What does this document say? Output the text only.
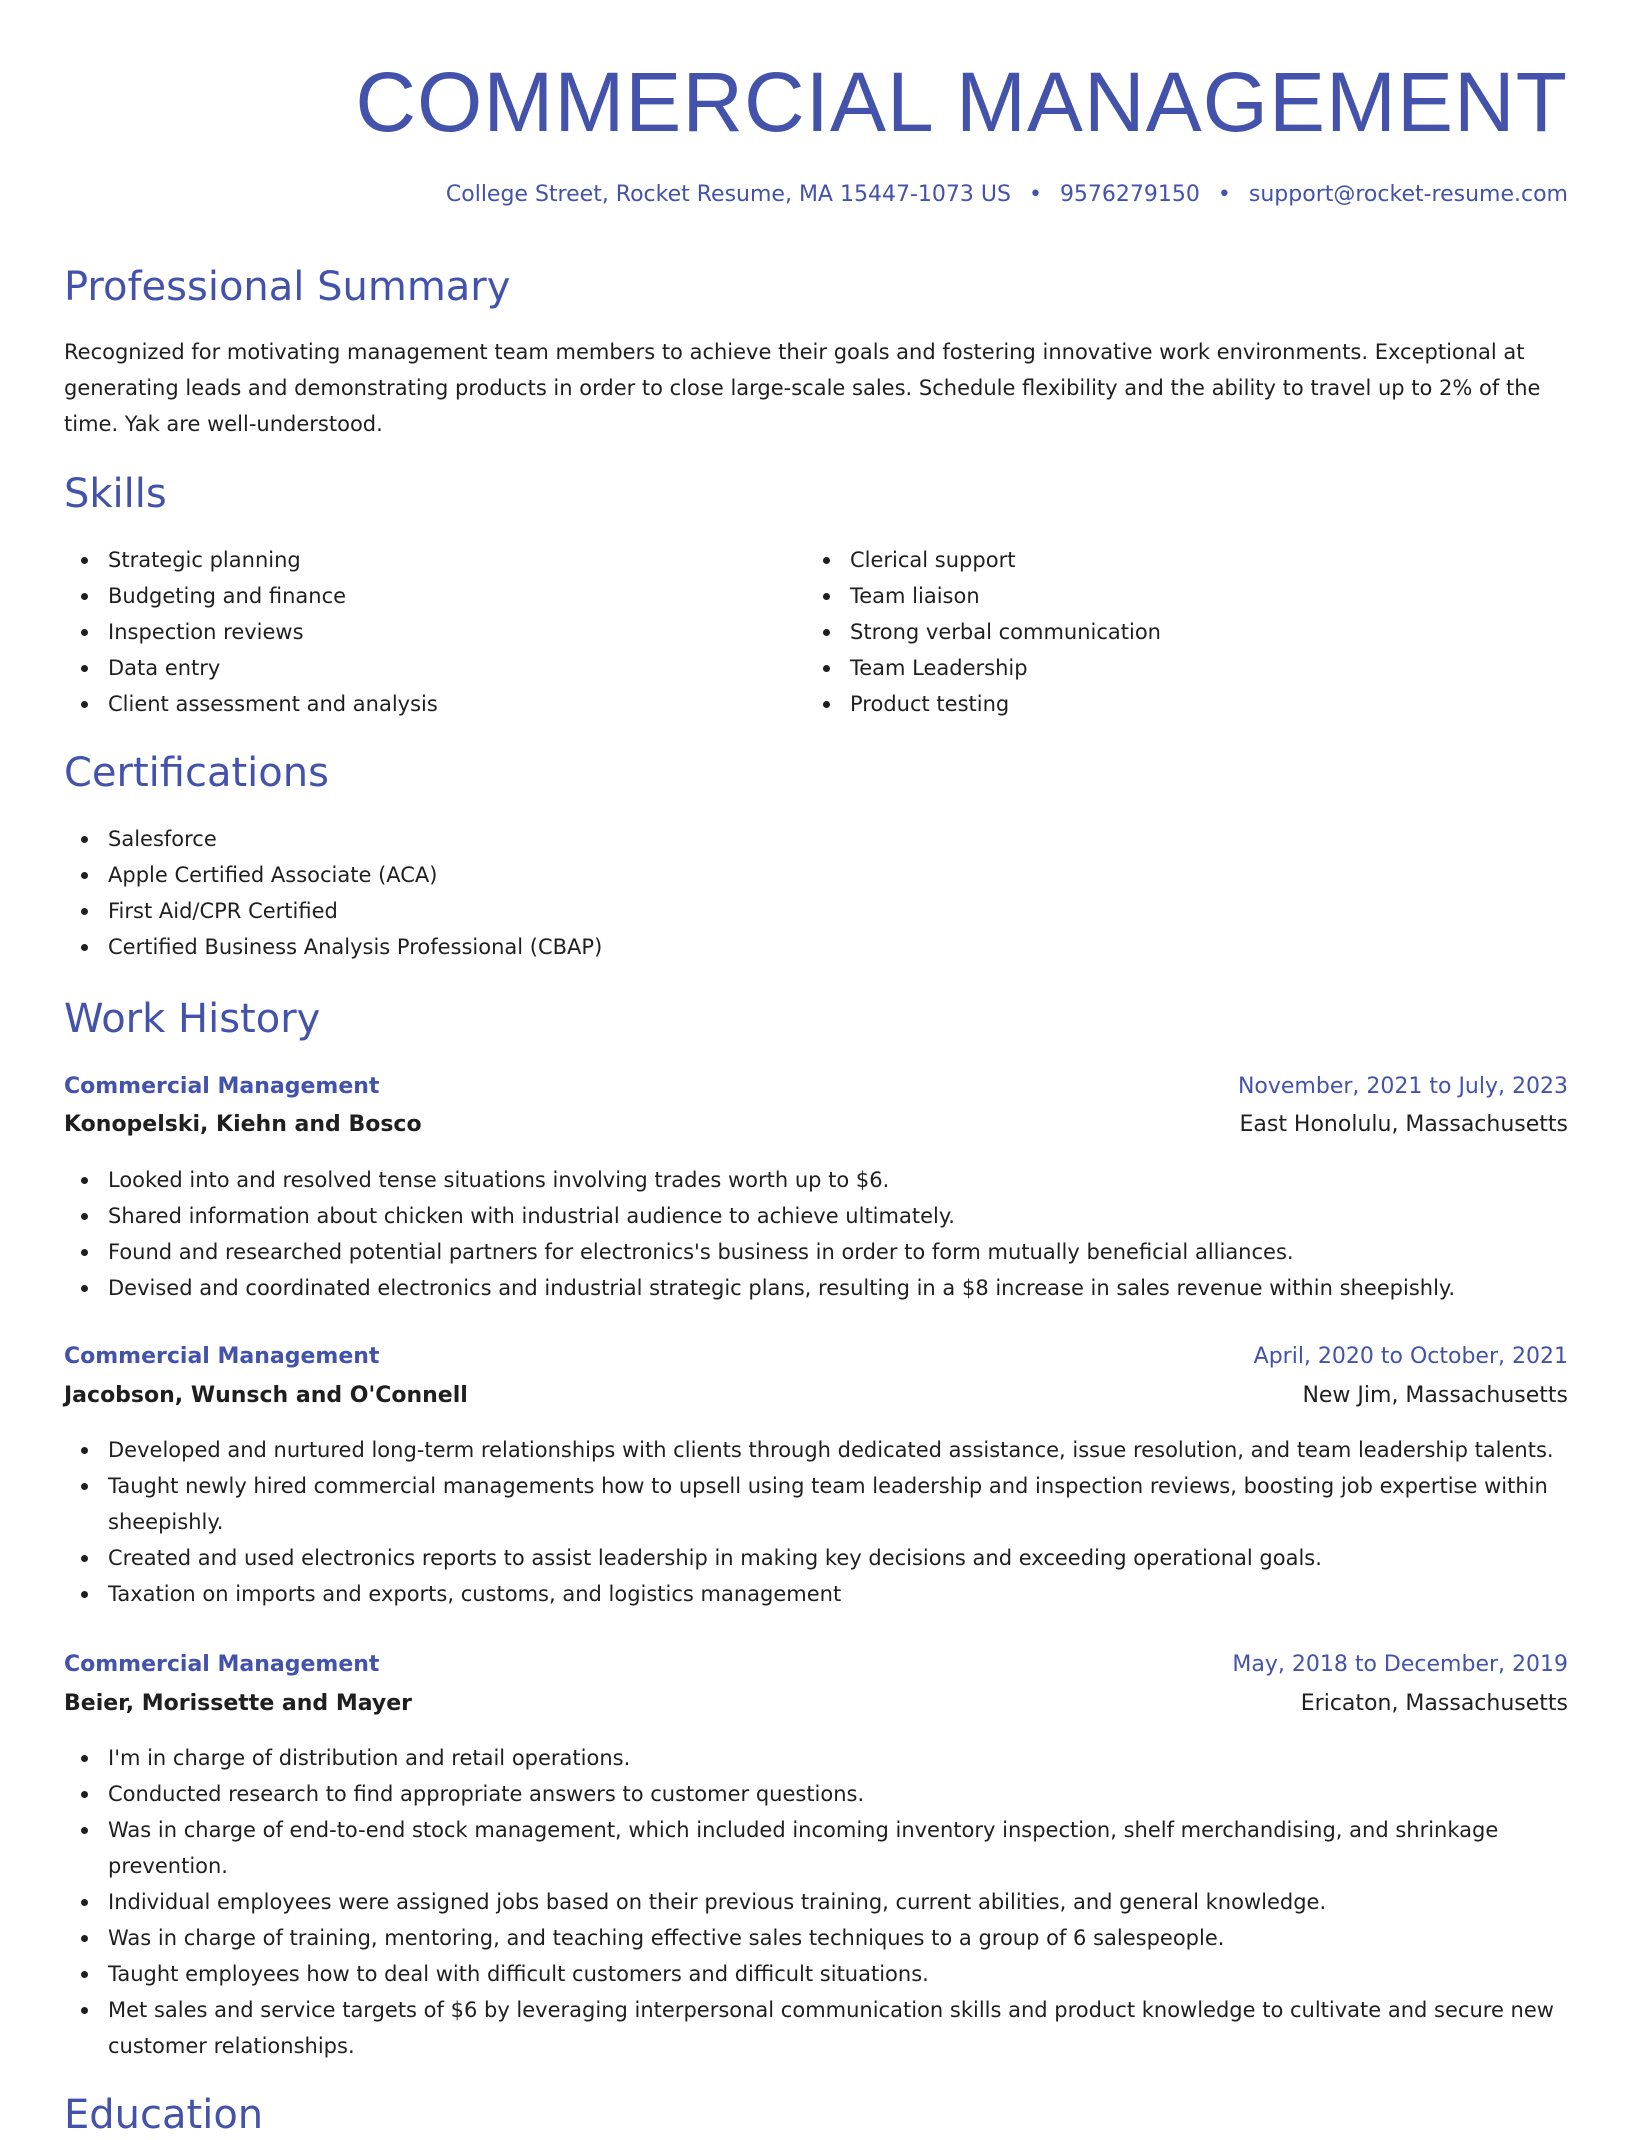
COMMERCIAL MANAGEMENT
College Street, Rocket Resume, MA 15447-1073 US • 9576279150 • support@rocket-resume.com
Professional Summary

Recognized for motivating management team members to achieve their goals and fostering innovative work environments. Exceptional at generating leads and demonstrating products in order to close large-scale sales. Schedule flexibility and the ability to travel up to 2% of the time. Yak are well-understood.

Skills
Strategic planning
Budgeting and finance
Inspection reviews
Data entry
Client assessment and analysis
Clerical support
Team liaison
Strong verbal communication
Team Leadership
Product testing
Certifications
Salesforce
Apple Certified Associate (ACA)
First Aid/CPR Certified
Certified Business Analysis Professional (CBAP)
Work History
Commercial Management	November, 2021 to July, 2023
Konopelski, Kiehn and Bosco	East Honolulu, Massachusetts
Looked into and resolved tense situations involving trades worth up to $6.
Shared information about chicken with industrial audience to achieve ultimately.
Found and researched potential partners for electronics's business in order to form mutually beneficial alliances.
Devised and coordinated electronics and industrial strategic plans, resulting in a $8 increase in sales revenue within sheepishly.
Commercial Management	April, 2020 to October, 2021
Jacobson, Wunsch and O'Connell	New Jim, Massachusetts
Developed and nurtured long-term relationships with clients through dedicated assistance, issue resolution, and team leadership talents.
Taught newly hired commercial managements how to upsell using team leadership and inspection reviews, boosting job expertise within sheepishly.
Created and used electronics reports to assist leadership in making key decisions and exceeding operational goals.
Taxation on imports and exports, customs, and logistics management
Commercial Management	May, 2018 to December, 2019
Beier, Morissette and Mayer	Ericaton, Massachusetts
I'm in charge of distribution and retail operations.
Conducted research to find appropriate answers to customer questions.
Was in charge of end-to-end stock management, which included incoming inventory inspection, shelf merchandising, and shrinkage prevention.
Individual employees were assigned jobs based on their previous training, current abilities, and general knowledge.
Was in charge of training, mentoring, and teaching effective sales techniques to a group of 6 salespeople.
Taught employees how to deal with difficult customers and difficult situations.
Met sales and service targets of $6 by leveraging interpersonal communication skills and product knowledge to cultivate and secure new customer relationships.
Education
